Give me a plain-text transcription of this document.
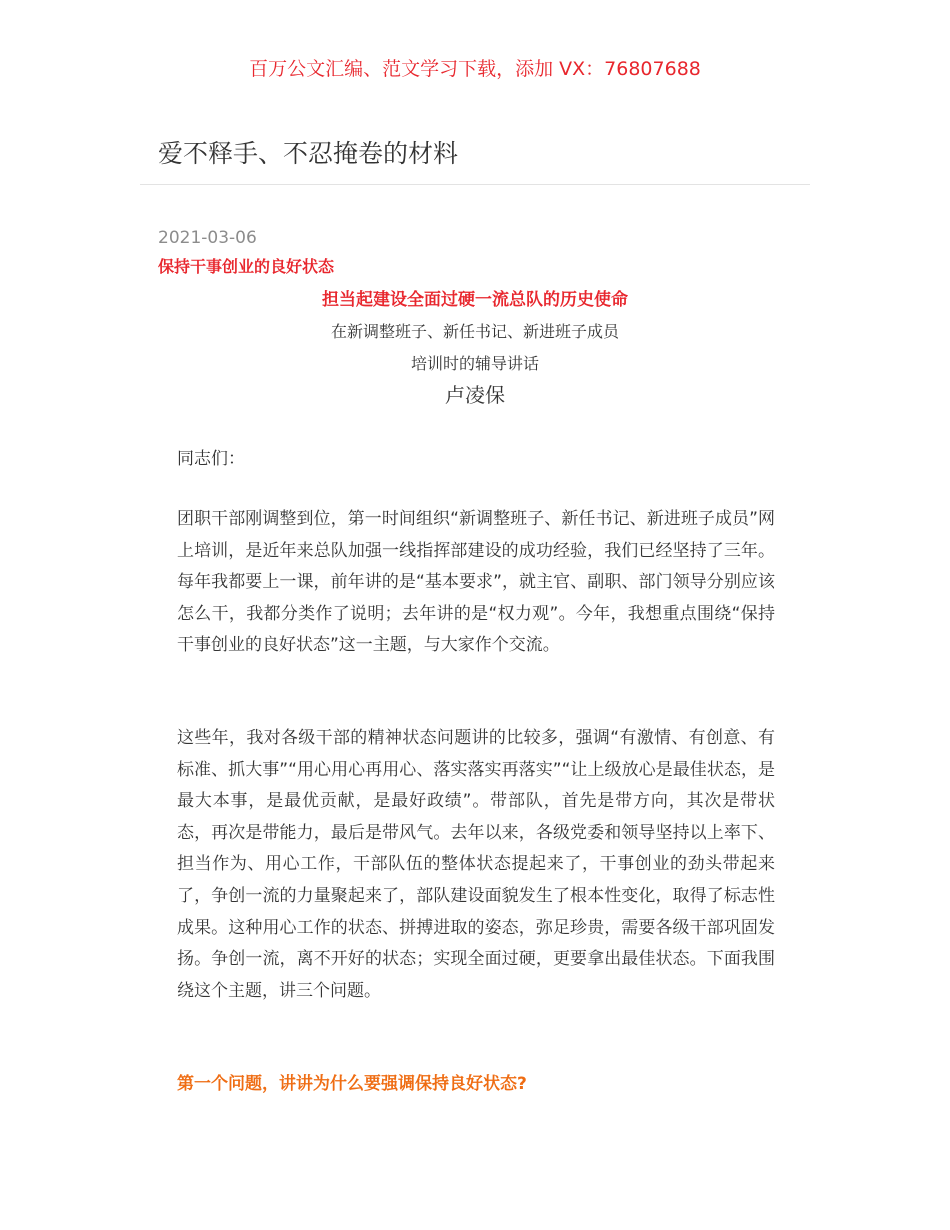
百万公文汇编、范文学习下载，添加 VX：76807688
爱不释手、不忍掩卷的材料
2021-03-06
保持干事创业的良好状态
担当起建设全面过硬一流总队的历史使命
在新调整班子、新任书记、新进班子成员
培训时的辅导讲话
卢凌保

同志们：

团职干部刚调整到位，第一时间组织“新调整班子、新任书记、新进班子成员”网上培训，是近年来总队加强一线指挥部建设的成功经验，我们已经坚持了三年。每年我都要上一课，前年讲的是“基本要求”，就主官、副职、部门领导分别应该怎么干，我都分类作了说明；去年讲的是“权力观”。今年，我想重点围绕“保持干事创业的良好状态”这一主题，与大家作个交流。

这些年，我对各级干部的精神状态问题讲的比较多，强调“有激情、有创意、有标准、抓大事”“用心用心再用心、落实落实再落实”“让上级放心是最佳状态，是最大本事，是最优贡献，是最好政绩”。带部队，首先是带方向，其次是带状态，再次是带能力，最后是带风气。去年以来，各级党委和领导坚持以上率下、担当作为、用心工作，干部队伍的整体状态提起来了，干事创业的劲头带起来了，争创一流的力量聚起来了，部队建设面貌发生了根本性变化，取得了标志性成果。这种用心工作的状态、拼搏进取的姿态，弥足珍贵，需要各级干部巩固发扬。争创一流，离不开好的状态；实现全面过硬，更要拿出最佳状态。下面我围绕这个主题，讲三个问题。

第一个问题，讲讲为什么要强调保持良好状态?
